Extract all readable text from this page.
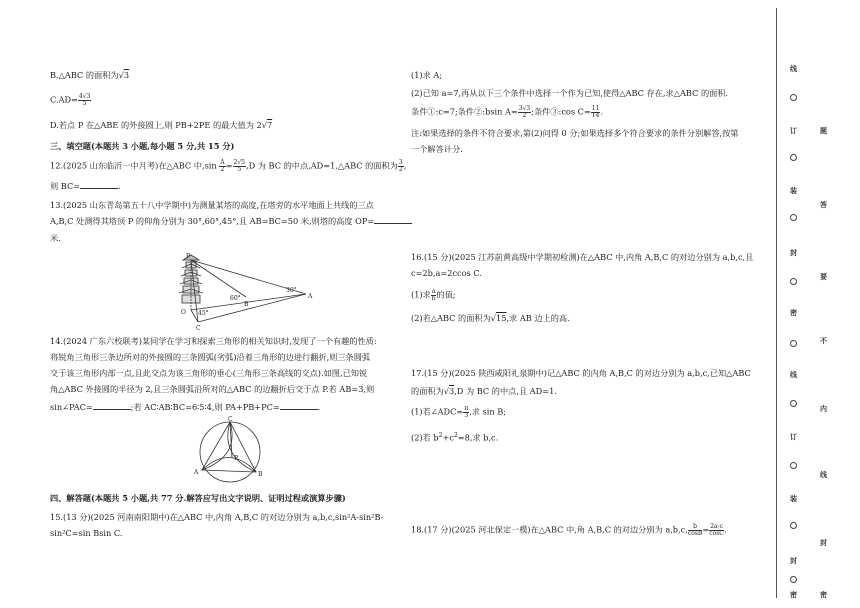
B.△ABC 的面积为√3
$C.AD= \frac{4√3}{5}$
D.若点 P 在△ABE 的外接圆上,则 PB+2PE 的最大值为 2√7
三、填空题(本题共 3 小题,每小题 5 分,共 15 分)
12.(2025 山东临沂一中月考)在△ABC 中$,\sin \frac{A}{2} = \frac{2√5}{5} ,D$ 为 BC 的中点,AD=1,△ABC 的面积为 $\frac{3}{2}$ ,
则 BC=	.
13.(2025 山东青岛第五十八中学期中)为测量某塔的高度,在塔旁的水平地面上共线的三点
A,B,C 处测得其塔顶 P 的仰角分别为 30°,60°,45°,且 AB=BC=50 米,则塔的高度 OP=
米.
P
O
B
A
C
30°
60°
45°
14.(2024 广东六校联考)某同学在学习和探索三角形的相关知识时,发现了一个有趣的性质:
将锐角三角形三条边所对的外接圆的三条圆弧(劣弧)沿着三角形的边进行翻折,则三条圆弧
交于该三角形内部一点,且此交点为该三角形的垂心(三角形三条高线的交点).如图,已知锐
角△ABC 外接圆的半径为 2,且三条圆弧沿所对的△ABC 的边翻折后交于点 P.若 AB=3,则
sin∠PAC=	;若 AC∶AB∶BC=6∶5∶4,则 PA+PB+PC=	.
C
A	B
P
四、解答题(本题共 5 小题,共 77 分.解答应写出文字说明、证明过程或演算步骤)
15.(13 分)(2025 河南南阳期中)在△ABC 中,内角 A,B,C 的对边分别为 a,b,c,sin²A-sin²B-
sin²C=sin Bsin C.
(1)求 A;
(2)已知 a=7,再从以下三个条件中选择一个作为已知,使得△ABC 存在,求△ABC 的面积.
条件①:c=7;条件②:bsin $A= \frac{3√3}{2}$ ;条件③:cos $C= \frac{11}{14}$ .
注:如果选择的条件不符合要求,第(2)问得 0 分;如果选择多个符合要求的条件分别解答,按第
一个解答计分.
16.(15 分)(2025 江苏前黄高级中学期初检测)在△ABC 中,内角 A,B,C 的对边分别为 a,b,c,且
c=2b,a=2ccos C.
(1)求 $\frac{a}{b}$ 的值;
(2)若△ABC 的面积为√15,求 AB 边上的高.
17.(15 分)(2025 陕西咸阳礼泉期中)记△ABC 的内角 A,B,C 的对边分别为 a,b,c,已知△ABC
的面积为√3,D 为 BC 的中点,且 AD=1.
(1)若∠ADC= $\frac{\pi}{3}$ ,求 sin B;
(2)若 $b^2+c^2=8$,求 b,c.
18.(17 分)(2025 河北保定一模)在△ABC 中,角 A,B,C 的对边分别为 a,b,c, $\frac{b}{\cos B} = \frac{2a-c}{\cos C}$ .
线
订	题
装
答
封
要
密
不
线
内
订
线
装
封
封
密	密
